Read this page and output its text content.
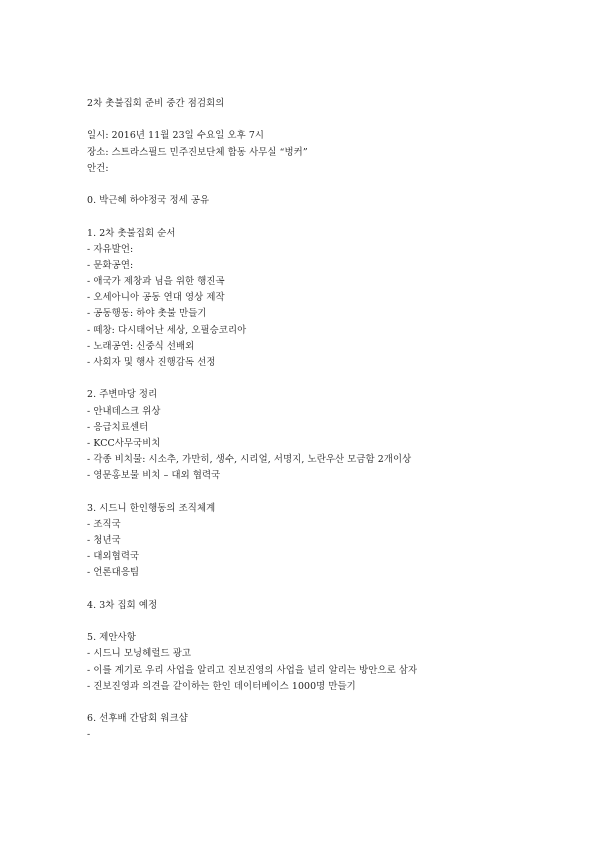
2차 촛불집회 준비 중간 점검회의
일시: 2016년 11월 23일 수요일 오후 7시
장소: 스트라스필드 민주진보단체 합동 사무실 “벙커”
안건:
0. 박근혜 하야정국 정세 공유
1. 2차 촛불집회 순서
- 자유발언:
- 문화공연:
- 애국가 제창과 님을 위한 행진곡
- 오세아니아 공동 연대 영상 제작
- 공동행동: 하야 촛불 만들기
- 떼창: 다시태어난 세상, 오필승코리아
- 노래공연: 신중식 선배외
- 사회자 및 행사 진행감독 선정
2. 주변마당 정리
- 안내데스크 위상
- 응급치료센터
- KCC사무국비치
- 각종 비치물: 시소추, 가만히, 생수, 시리얼, 서명지, 노란우산 모금함 2개이상
- 영문홍보물 비치 – 대외 협력국
3. 시드니 한인행동의 조직체계
- 조직국
- 청년국
- 대외협력국
- 언론대응팀
4. 3차 집회 예정
5. 제안사항
- 시드니 모닝헤럴드 광고
- 이를 계기로 우리 사업을 알리고 진보진영의 사업을 널리 알리는 방안으로 삼자
- 진보진영과 의견을 같이하는 한인 데이터베이스 1000명 만들기
6. 선후배 간담회 워크샵
-
